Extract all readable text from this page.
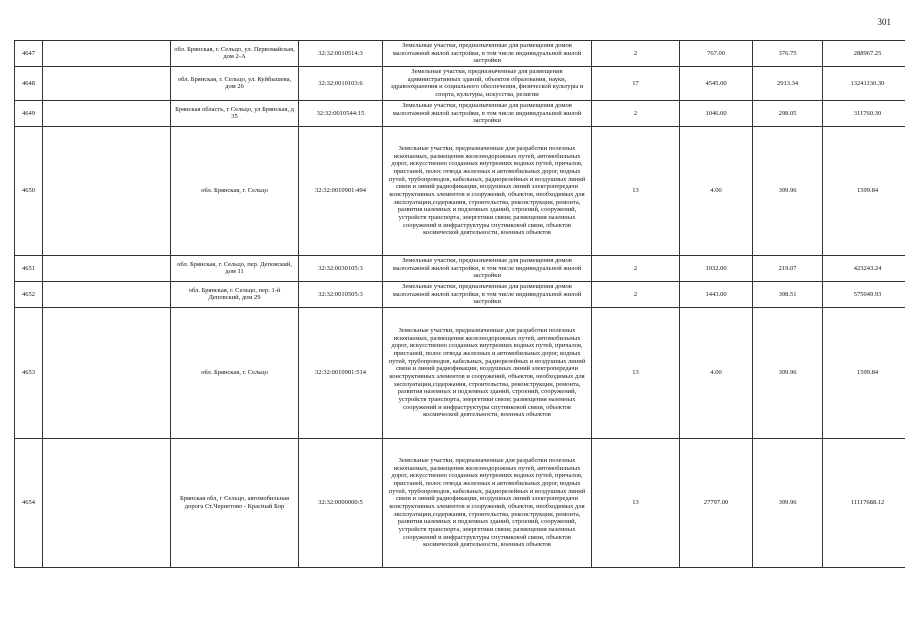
301
4647		обл. Брянская, г. Сельцо, ул. Первомайская, дом 2-А	32:32:0010514:3	Земельные участки, предназначенные для размещения домов малоэтажной жилой застройки, в том числе индивидуальной жилой застройки	2	767.00	376.75	288967.25
4648		обл. Брянская, г. Сельцо, ул. Куйбышева, дом 26	32:32:0010103:6	Земельные участки, предназначенные для размещения административных зданий, объектов образования, науки, здравоохранения и социального обеспечения, физической культуры и спорта, культуры, искусства, религии	17	4545.00	2913.34	13241130.30
4649		Брянская область, г Сельцо, ул Брянская, д 35	32:32:0010544:15	Земельные участки, предназначенные для размещения домов малоэтажной жилой застройки, в том числе индивидуальной жилой застройки	2	1046.00	298.05	311760.30
4650		обл. Брянская, г. Сельцо	32:32:0010901:494	Земельные участки, предназначенные для разработки полезных ископаемых, размещения железнодорожных путей, автомобильных дорог, искусственно созданных внутренних водных путей, причалов, пристаней, полос отвода железных и автомобильных дорог, водных путей, трубопроводов, кабельных, радиорелейных и воздушных линий связи и линий радиофикации, воздушных линий электропередачи конструктивных элементов и сооружений, объектов, необходимых для эксплуатации,содержания, строительства, реконструкции, ремонта, развития наземных и подземных зданий, строений, сооружений, устройств транспорта, энергетики связи; размещения наземных сооружений и инфраструктуры спутниковой связи, объектов космической деятельности, военных объектов	13	4.00	399.96	1599.84
4651		обл. Брянская, г. Сельцо, пер. Деповский, дом 11	32:32:0030105:3	Земельные участки, предназначенные для размещения домов малоэтажной жилой застройки, в том числе индивидуальной жилой застройки	2	1932.00	219.07	423243.24
4652		обл. Брянская, г. Сельцо, пер. 1-й Деповский, дом 29	32:32:0010505:3	Земельные участки, предназначенные для размещения домов малоэтажной жилой застройки, в том числе индивидуальной жилой застройки	2	1443.00	398.51	575049.93
4653		обл. Брянская, г. Сельцо	32:32:0010901:514	Земельные участки, предназначенные для разработки полезных ископаемых, размещения железнодорожных путей, автомобильных дорог, искусственно созданных внутренних водных путей, причалов, пристаней, полос отвода железных и автомобильных дорог, водных путей, трубопроводов, кабельных, радиорелейных и воздушных линий связи и линий радиофикации, воздушных линий электропередачи конструктивных элементов и сооружений, объектов, необходимых для эксплуатации,содержания, строительства, реконструкции, ремонта, развития наземных и подземных зданий, строений, сооружений, устройств транспорта, энергетики связи; размещения наземных сооружений и инфраструктуры спутниковой связи, объектов космической деятельности, военных объектов	13	4.00	399.96	1599.84
4654		Брянская обл, г Сельцо, автомобильная дорога Ст.Чернетово - Красный Бор	32:32:0000000:5	Земельные участки, предназначенные для разработки полезных ископаемых, размещения железнодорожных путей, автомобильных дорог, искусственно созданных внутренних водных путей, причалов, пристаней, полос отвода железных и автомобильных дорог, водных путей, трубопроводов, кабельных, радиорелейных и воздушных линий связи и линий радиофикации, воздушных линий электропередачи конструктивных элементов и сооружений, объектов, необходимых для эксплуатации,содержания, строительства, реконструкции, ремонта, развития наземных и подземных зданий, строений, сооружений, устройств транспорта, энергетики связи; размещения наземных сооружений и инфраструктуры спутниковой связи, объектов космической деятельности, военных объектов	13	27797.00	399.96	11117688.12
